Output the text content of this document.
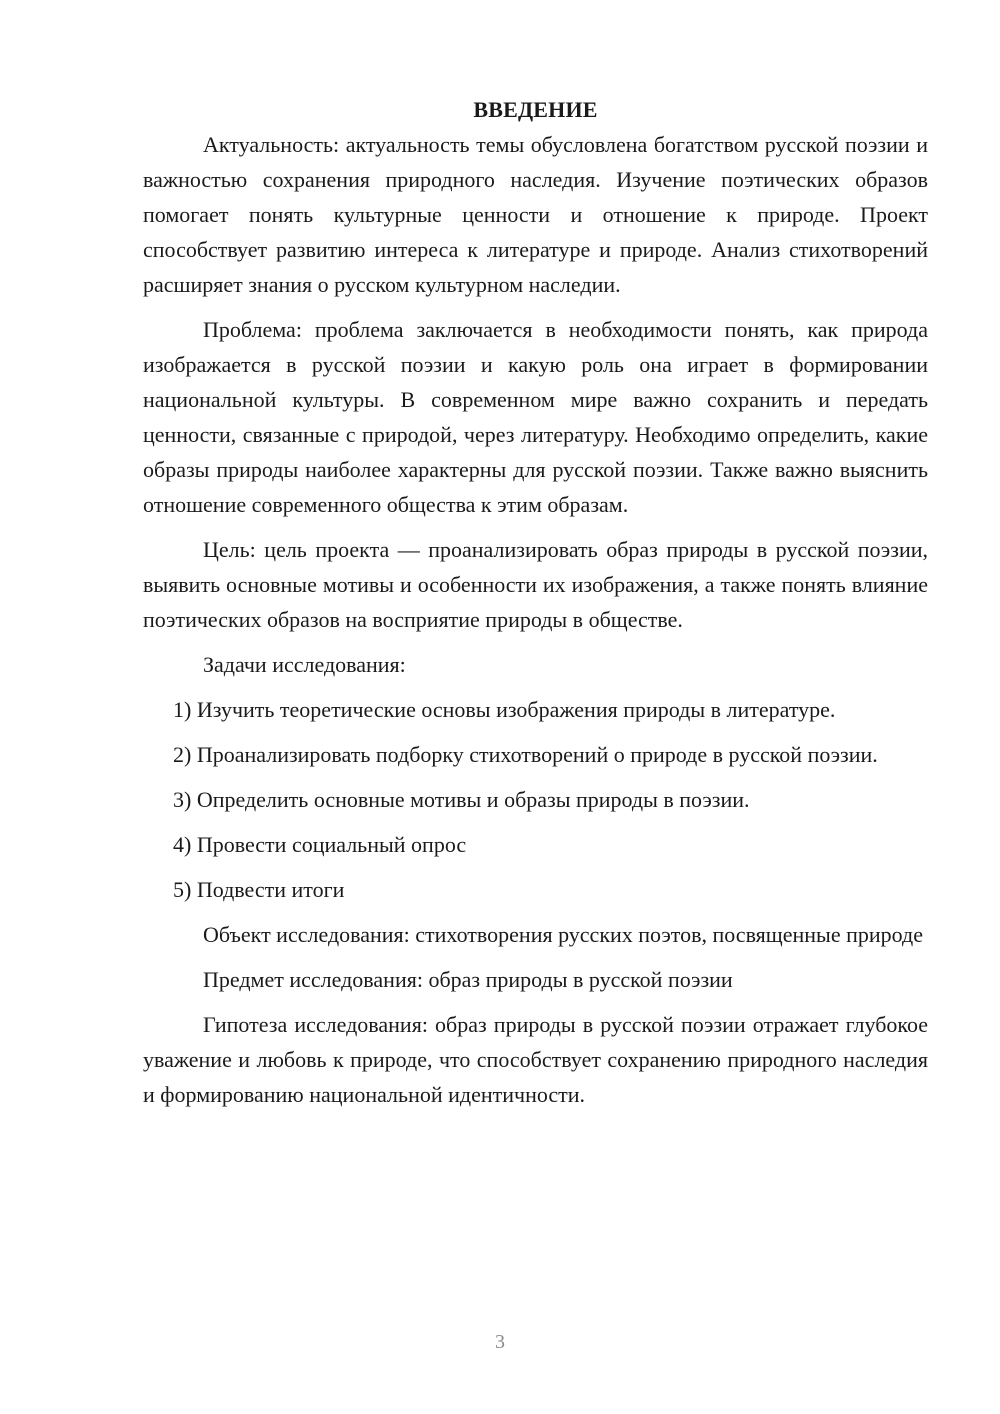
ВВЕДЕНИЕ

Актуальность: актуальность темы обусловлена богатством русской поэзии и важностью сохранения природного наследия. Изучение поэтических образов помогает понять культурные ценности и отношение к природе. Проект способствует развитию интереса к литературе и природе. Анализ стихотворений расширяет знания о русском культурном наследии.

Проблема: проблема заключается в необходимости понять, как природа изображается в русской поэзии и какую роль она играет в формировании национальной культуры. В современном мире важно сохранить и передать ценности, связанные с природой, через литературу. Необходимо определить, какие образы природы наиболее характерны для русской поэзии. Также важно выяснить отношение современного общества к этим образам.

Цель: цель проекта — проанализировать образ природы в русской поэзии, выявить основные мотивы и особенности их изображения, а также понять влияние поэтических образов на восприятие природы в обществе.

Задачи исследования:

1) Изучить теоретические основы изображения природы в литературе.

2) Проанализировать подборку стихотворений о природе в русской поэзии.

3) Определить основные мотивы и образы природы в поэзии.

4) Провести социальный опрос

5) Подвести итоги

Объект исследования: стихотворения русских поэтов, посвященные природе

Предмет исследования: образ природы в русской поэзии

Гипотеза исследования: образ природы в русской поэзии отражает глубокое уважение и любовь к природе, что способствует сохранению природного наследия и формированию национальной идентичности.

3
